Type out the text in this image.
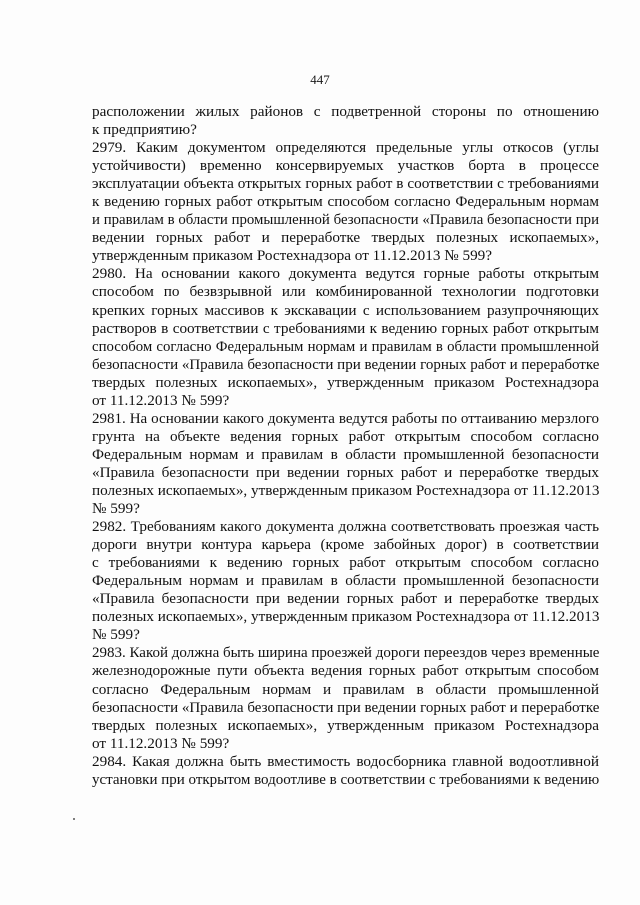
447
расположении жилых районов с подветренной стороны по отношению
к предприятию?
2979. Каким документом определяются предельные углы откосов (углы
устойчивости) временно консервируемых участков борта в процессе
эксплуатации объекта открытых горных работ в соответствии с требованиями
к ведению горных работ открытым способом согласно Федеральным нормам
и правилам в области промышленной безопасности «Правила безопасности при
ведении горных работ и переработке твердых полезных ископаемых»,
утвержденным приказом Ростехнадзора от 11.12.2013 № 599?
2980. На основании какого документа ведутся горные работы открытым
способом по безвзрывной или комбинированной технологии подготовки
крепких горных массивов к экскавации с использованием разупрочняющих
растворов в соответствии с требованиями к ведению горных работ открытым
способом согласно Федеральным нормам и правилам в области промышленной
безопасности «Правила безопасности при ведении горных работ и переработке
твердых полезных ископаемых», утвержденным приказом Ростехнадзора
от 11.12.2013 № 599?
2981. На основании какого документа ведутся работы по оттаиванию мерзлого
грунта на объекте ведения горных работ открытым способом согласно
Федеральным нормам и правилам в области промышленной безопасности
«Правила безопасности при ведении горных работ и переработке твердых
полезных ископаемых», утвержденным приказом Ростехнадзора от 11.12.2013
№ 599?
2982. Требованиям какого документа должна соответствовать проезжая часть
дороги внутри контура карьера (кроме забойных дорог) в соответствии
с требованиями к ведению горных работ открытым способом согласно
Федеральным нормам и правилам в области промышленной безопасности
«Правила безопасности при ведении горных работ и переработке твердых
полезных ископаемых», утвержденным приказом Ростехнадзора от 11.12.2013
№ 599?
2983. Какой должна быть ширина проезжей дороги переездов через временные
железнодорожные пути объекта ведения горных работ открытым способом
согласно Федеральным нормам и правилам в области промышленной
безопасности «Правила безопасности при ведении горных работ и переработке
твердых полезных ископаемых», утвержденным приказом Ростехнадзора
от 11.12.2013 № 599?
2984. Какая должна быть вместимость водосборника главной водоотливной
установки при открытом водоотливе в соответствии с требованиями к ведению
